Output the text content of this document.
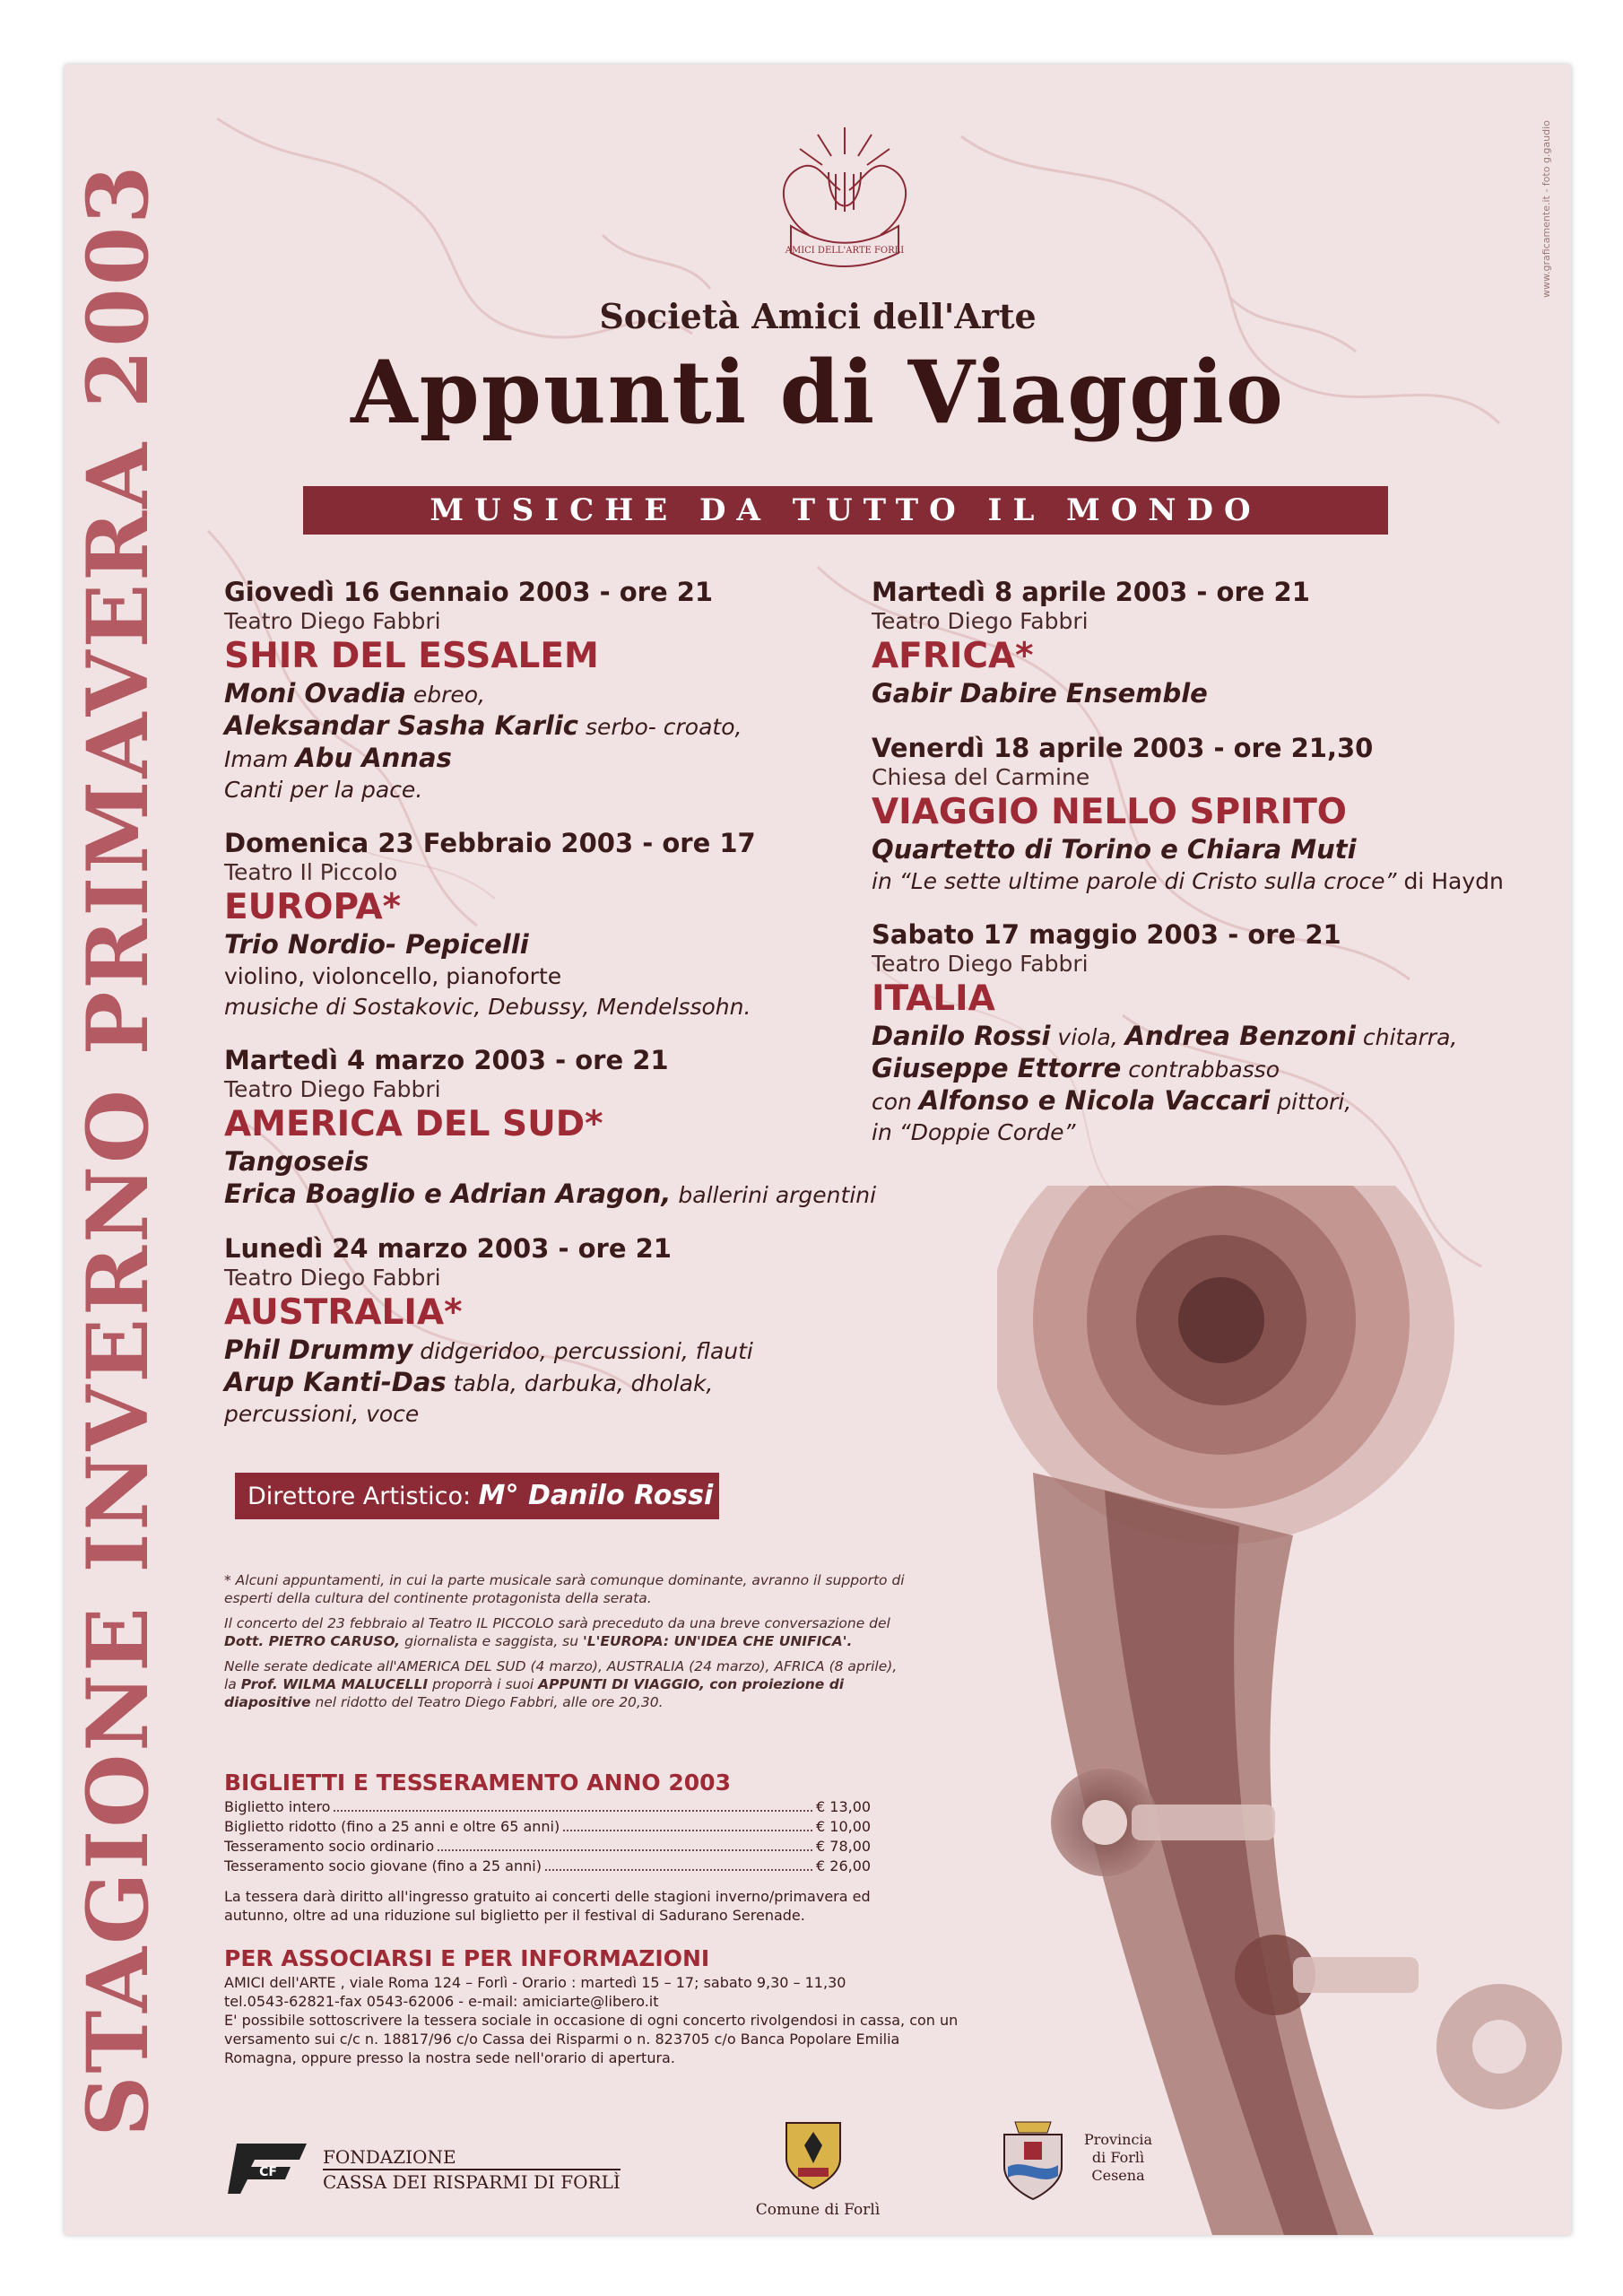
STAGIONE INVERNO PRIMAVERA 2003	www.graficamente.it - foto g.gaudio
AMICI DELL'ARTE FORLI
Società Amici dell'Arte
Appunti di Viaggio
MUSICHE DA TUTTO IL MONDO
Giovedì 16 Gennaio 2003 - ore 21
Teatro Diego Fabbri
SHIR DEL ESSALEM
Moni Ovadia ebreo,
Aleksandar Sasha Karlic serbo- croato,
Imam Abu Annas
Canti per la pace.
Domenica 23 Febbraio 2003 - ore 17
Teatro Il Piccolo
EUROPA*
Trio Nordio- Pepicelli
violino, violoncello, pianoforte
musiche di Sostakovic, Debussy, Mendelssohn.
Martedì 4 marzo 2003 - ore 21
Teatro Diego Fabbri
AMERICA DEL SUD*
Tangoseis
Erica Boaglio e Adrian Aragon, ballerini argentini
Lunedì 24 marzo 2003 - ore 21
Teatro Diego Fabbri
AUSTRALIA*
Phil Drummy didgeridoo, percussioni, flauti
Arup Kanti-Das tabla, darbuka, dholak,
percussioni, voce
Martedì 8 aprile 2003 - ore 21
Teatro Diego Fabbri
AFRICA*
Gabir Dabire Ensemble
Venerdì 18 aprile 2003 - ore 21,30
Chiesa del Carmine
VIAGGIO NELLO SPIRITO
Quartetto di Torino e Chiara Muti
in “Le sette ultime parole di Cristo sulla croce” di Haydn
Sabato 17 maggio 2003 - ore 21
Teatro Diego Fabbri
ITALIA
Danilo Rossi viola, Andrea Benzoni chitarra,
Giuseppe Ettorre contrabbasso
con Alfonso e Nicola Vaccari pittori,
in “Doppie Corde”
Direttore Artistico: M° Danilo Rossi

* Alcuni appuntamenti, in cui la parte musicale sarà comunque dominante, avranno il supporto di esperti della cultura del continente protagonista della serata.

Il concerto del 23 febbraio al Teatro IL PICCOLO sarà preceduto da una breve conversazione del Dott. PIETRO CARUSO, giornalista e saggista, su 'L'EUROPA: UN'IDEA CHE UNIFICA'.

Nelle serate dedicate all'AMERICA DEL SUD (4 marzo), AUSTRALIA (24 marzo), AFRICA (8 aprile), la Prof. WILMA MALUCELLI proporrà i suoi APPUNTI DI VIAGGIO, con proiezione di diapositive nel ridotto del Teatro Diego Fabbri, alle ore 20,30.

BIGLIETTI E TESSERAMENTO ANNO 2003
Biglietto intero	€ 13,00
Biglietto ridotto (fino a 25 anni e oltre 65 anni)	€ 10,00
Tesseramento socio ordinario	€ 78,00
Tesseramento socio giovane (fino a 25 anni)	€ 26,00
La tessera darà diritto all'ingresso gratuito ai concerti delle stagioni inverno/primavera ed autunno, oltre ad una riduzione sul biglietto per il festival di Sadurano Serenade.
PER ASSOCIARSI E PER INFORMAZIONI
AMICI dell'ARTE , viale Roma 124 – Forlì - Orario : martedì 15 – 17; sabato 9,30 – 11,30
tel.0543-62821-fax 0543-62006 - e-mail: amiciarte@libero.it
E' possibile sottoscrivere la tessera sociale in occasione di ogni concerto rivolgendosi in cassa, con un versamento sui c/c n. 18817/96 c/o Cassa dei Risparmi o n. 823705 c/o Banca Popolare Emilia Romagna, oppure presso la nostra sede nell'orario di apertura.
CF
FONDAZIONE
CASSA DEI RISPARMI DI FORLÌ
Comune di Forlì
Provincia
di Forlì
Cesena
